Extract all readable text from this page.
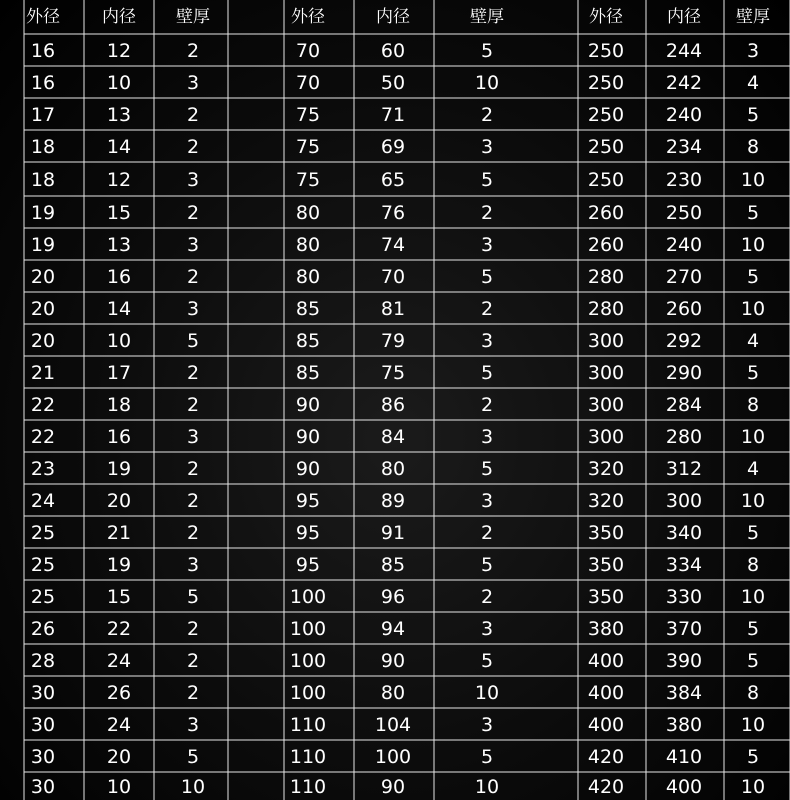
外径 内径 壁厚	外径	内径	壁厚	外径	内径 壁厚
16	12	2	70	60	5	250 244 3
16	10	3	70	50	10	250 242 4
17	13	2	75	71	2	250 240 5
18	14	2	75	69	3	250 234 8
18	12	3	75	65	5	250 230 10
19	15	2	80	76	2	260 250 5
19	13	3	80	74	3	260 240 10
20	16	2	80	70	5	280 270 5
20	14	3	85	81	2	280 260 10
20	10	5	85	79	3	300 292 4
21	17	2	85	75	5	300 290 5
22	18	2	90	86	2	300 284 8
22	16	3	90	84	3	300 280 10
23	19	2	90	80	5	320 312 4
24	20	2	95	89	3	320 300 10
25	21	2	95	91	2	350 340 5
25	19	3	95	85	5	350 334 8
25	15	5	100	96	2	350 330 10
26	22	2	100	94	3	380 370 5
28	24	2	100	90	5	400 390 5
30	26	2	100	80	10	400 384 8
30	24	3	110	104	3	400 380 10
30	20	5	110	100	5	420 410 5
30	10	10	110	90	10	420 400 10
